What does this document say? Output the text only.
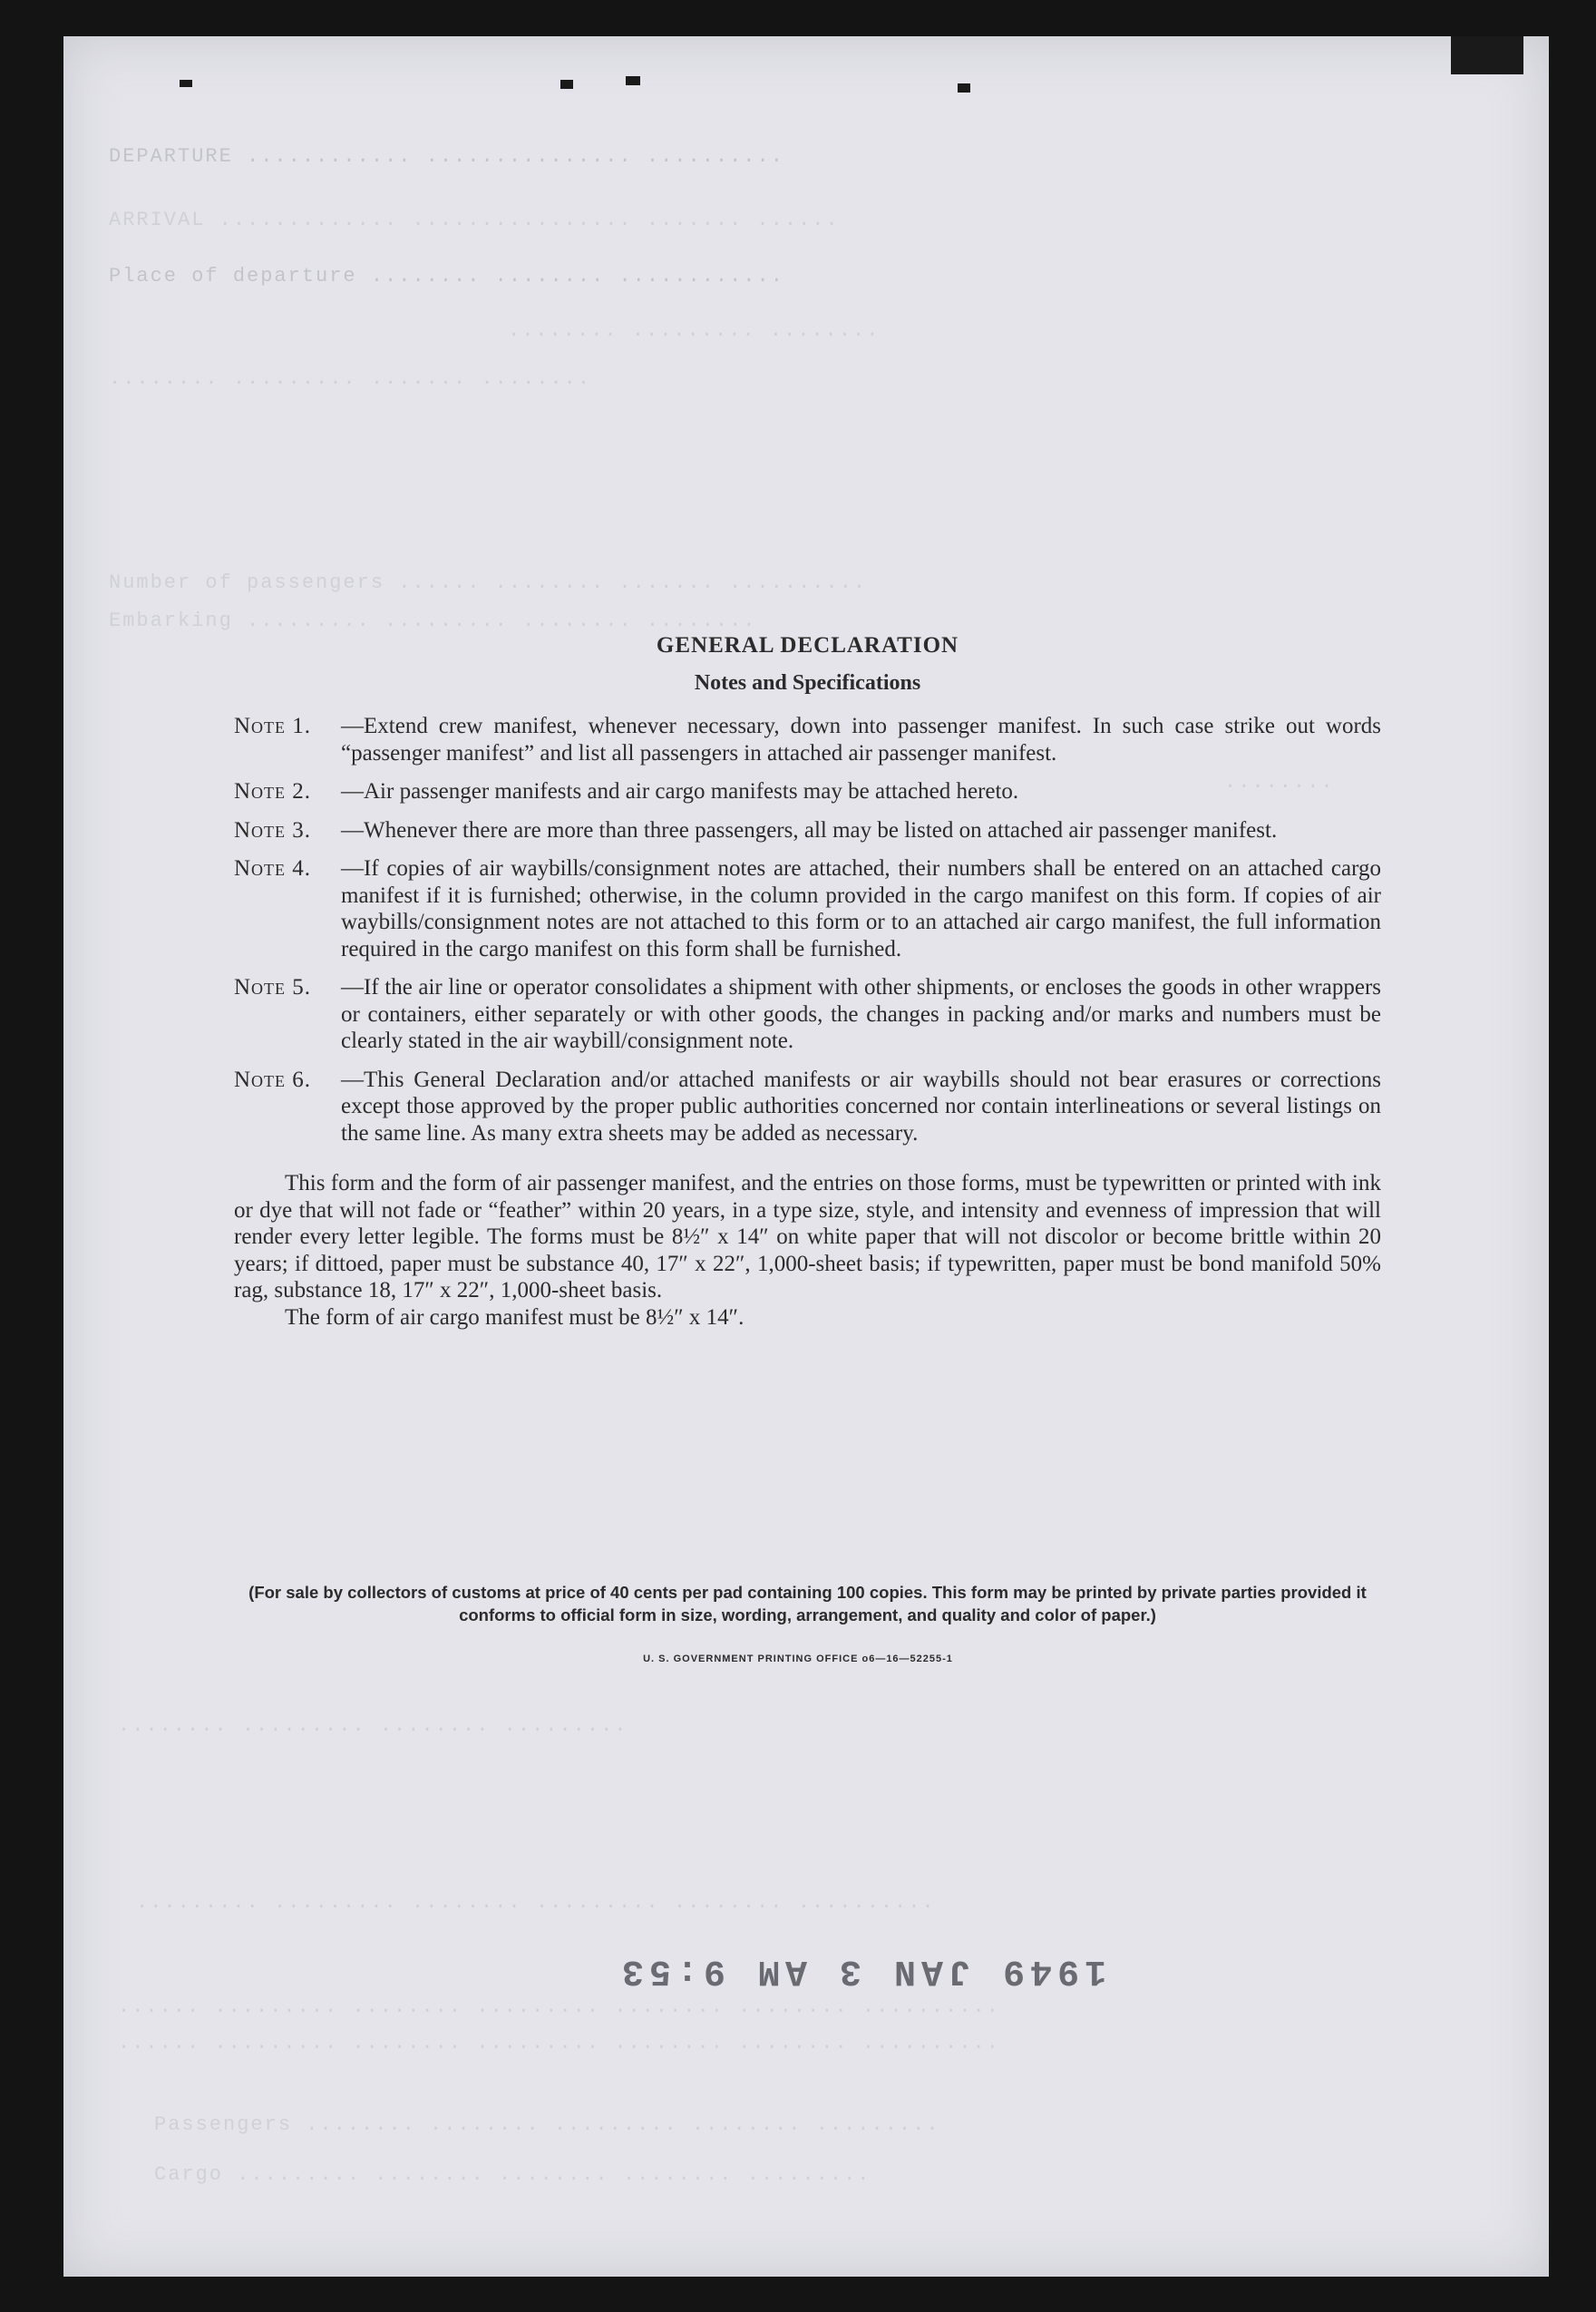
DEPARTURE ............ ............... ..........
ARRIVAL ............. ................ ....... ......
Place of departure ........ ........ ............
........ ......... ........
........ ......... ....... ........
Number of passengers ...... ........ ....... ..........
Embarking ......... ......... ........ ........
........
........ ......... ........ .........
......... ......... ........ ......... ........ ..........
...... ......... ........ ......... ........ ........ ..........
...... ......... ........ ......... ........ ........ ..........
Passengers ........ ........ ......... ........ .........
Cargo ......... ........ ........ ........ .........
1949 JAN 3 AM 9:53
GENERAL DECLARATION
Notes and Specifications
Note 1.	—Extend crew manifest, whenever necessary, down into passenger manifest. In such case strike out words “passenger manifest” and list all passengers in attached air passenger manifest.
Note 2.	—Air passenger manifests and air cargo manifests may be attached hereto.
Note 3.	—Whenever there are more than three passengers, all may be listed on attached air passenger manifest.
Note 4.	—If copies of air waybills/consignment notes are attached, their numbers shall be entered on an attached cargo manifest if it is furnished; otherwise, in the column provided in the cargo manifest on this form. If copies of air waybills/consignment notes are not attached to this form or to an attached air cargo manifest, the full information required in the cargo manifest on this form shall be furnished.
Note 5.	—If the air line or operator consolidates a shipment with other shipments, or encloses the goods in other wrappers or containers, either separately or with other goods, the changes in packing and/or marks and numbers must be clearly stated in the air waybill/consignment note.
Note 6.	—This General Declaration and/or attached manifests or air waybills should not bear erasures or corrections except those approved by the proper public authorities concerned nor contain interlineations or several listings on the same line. As many extra sheets may be added as necessary.

This form and the form of air passenger manifest, and the entries on those forms, must be typewritten or printed with ink or dye that will not fade or “feather” within 20 years, in a type size, style, and intensity and evenness of impression that will render every letter legible. The forms must be 8½″ x 14″ on white paper that will not discolor or become brittle within 20 years; if dittoed, paper must be substance 40, 17″ x 22″, 1,000-sheet basis; if typewritten, paper must be bond manifold 50% rag, substance 18, 17″ x 22″, 1,000-sheet basis.

The form of air cargo manifest must be 8½″ x 14″.

(For sale by collectors of customs at price of 40 cents per pad containing 100 copies. This form may be printed by private parties provided it conforms to official form in size, wording, arrangement, and quality and color of paper.)
U. S. GOVERNMENT PRINTING OFFICE o6—16—52255-1
